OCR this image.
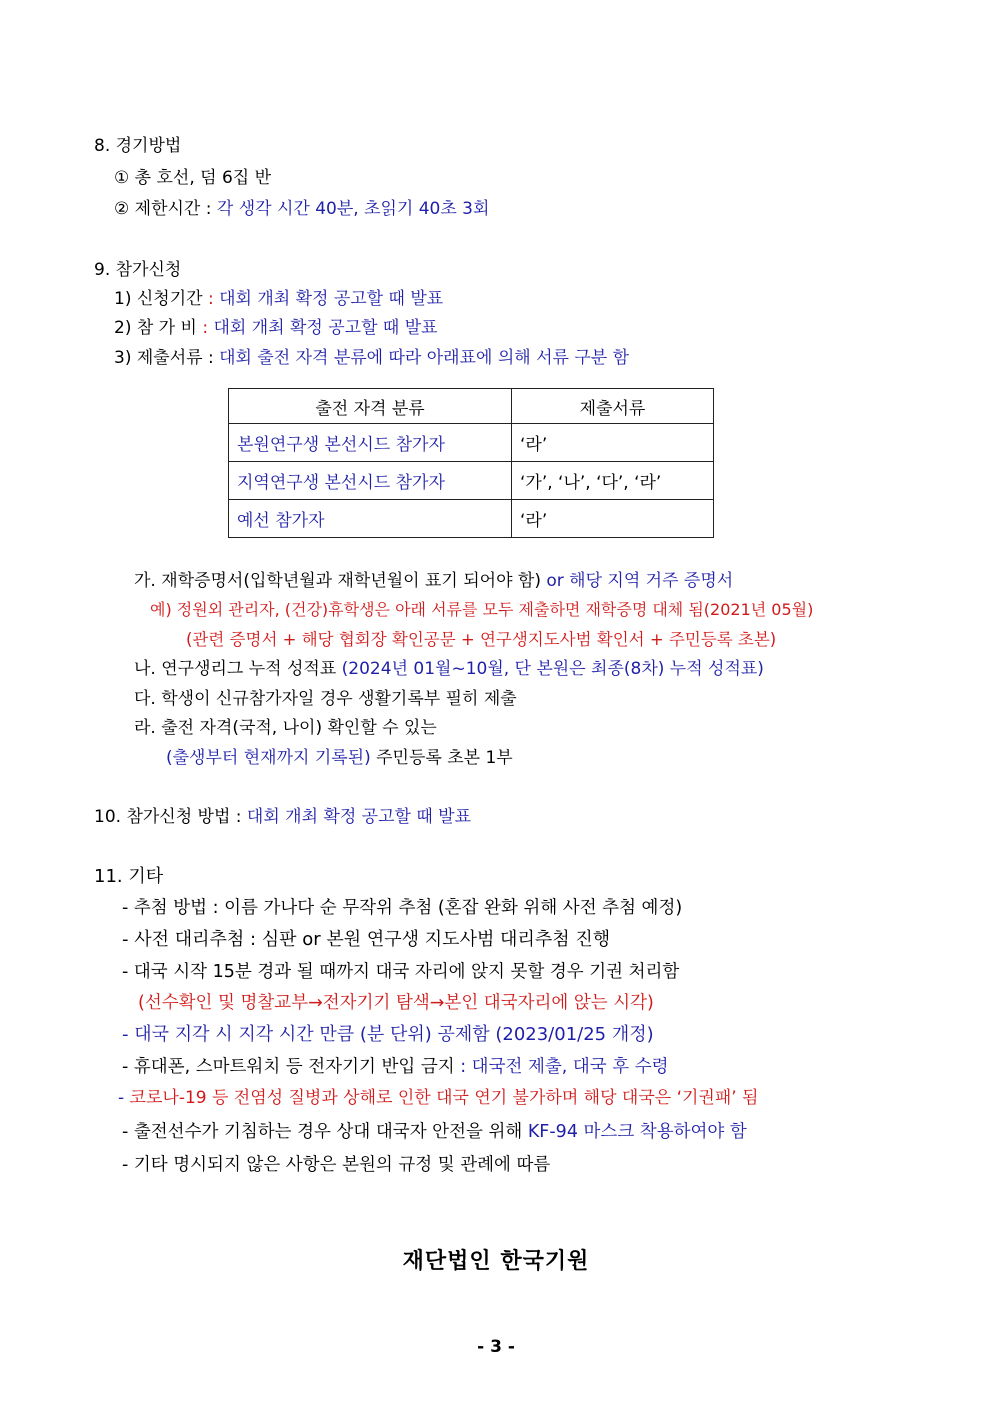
8. 경기방법
① 총 호선, 덤 6집 반
② 제한시간 : 각 생각 시간 40분, 초읽기 40초 3회
9. 참가신청
1) 신청기간 : 대회 개최 확정 공고할 때 발표
2) 참 가 비 : 대회 개최 확정 공고할 때 발표
3) 제출서류 : 대회 출전 자격 분류에 따라 아래표에 의해 서류 구분 함
출전 자격 분류	제출서류
본원연구생 본선시드 참가자	‘라’
지역연구생 본선시드 참가자	‘가’, ‘나’, ‘다’, ‘라’
예선 참가자	‘라’
가. 재학증명서(입학년월과 재학년월이 표기 되어야 함) or 해당 지역 거주 증명서
예) 정원외 관리자, (건강)휴학생은 아래 서류를 모두 제출하면 재학증명 대체 됨(2021년 05월)
(관련 증명서 + 해당 협회장 확인공문 + 연구생지도사범 확인서 + 주민등록 초본)
나. 연구생리그 누적 성적표 (2024년 01월~10월, 단 본원은 최종(8차) 누적 성적표)
다. 학생이 신규참가자일 경우 생활기록부 필히 제출
라. 출전 자격(국적, 나이) 확인할 수 있는
(출생부터 현재까지 기록된) 주민등록 초본 1부
10. 참가신청 방법 : 대회 개최 확정 공고할 때 발표
11. 기타
- 추첨 방법 : 이름 가나다 순 무작위 추첨 (혼잡 완화 위해 사전 추첨 예정)
- 사전 대리추첨 : 심판 or 본원 연구생 지도사범 대리추첨 진행
- 대국 시작 15분 경과 될 때까지 대국 자리에 앉지 못할 경우 기권 처리함
(선수확인 및 명찰교부→전자기기 탐색→본인 대국자리에 앉는 시각)
- 대국 지각 시 지각 시간 만큼 (분 단위) 공제함 (2023/01/25 개정)
- 휴대폰, 스마트워치 등 전자기기 반입 금지 : 대국전 제출, 대국 후 수령
- 코로나-19 등 전염성 질병과 상해로 인한 대국 연기 불가하며 해당 대국은 ‘기권패’ 됨
- 출전선수가 기침하는 경우 상대 대국자 안전을 위해 KF-94 마스크 착용하여야 함
- 기타 명시되지 않은 사항은 본원의 규정 및 관례에 따름
재단법인 한국기원
- 3 -
